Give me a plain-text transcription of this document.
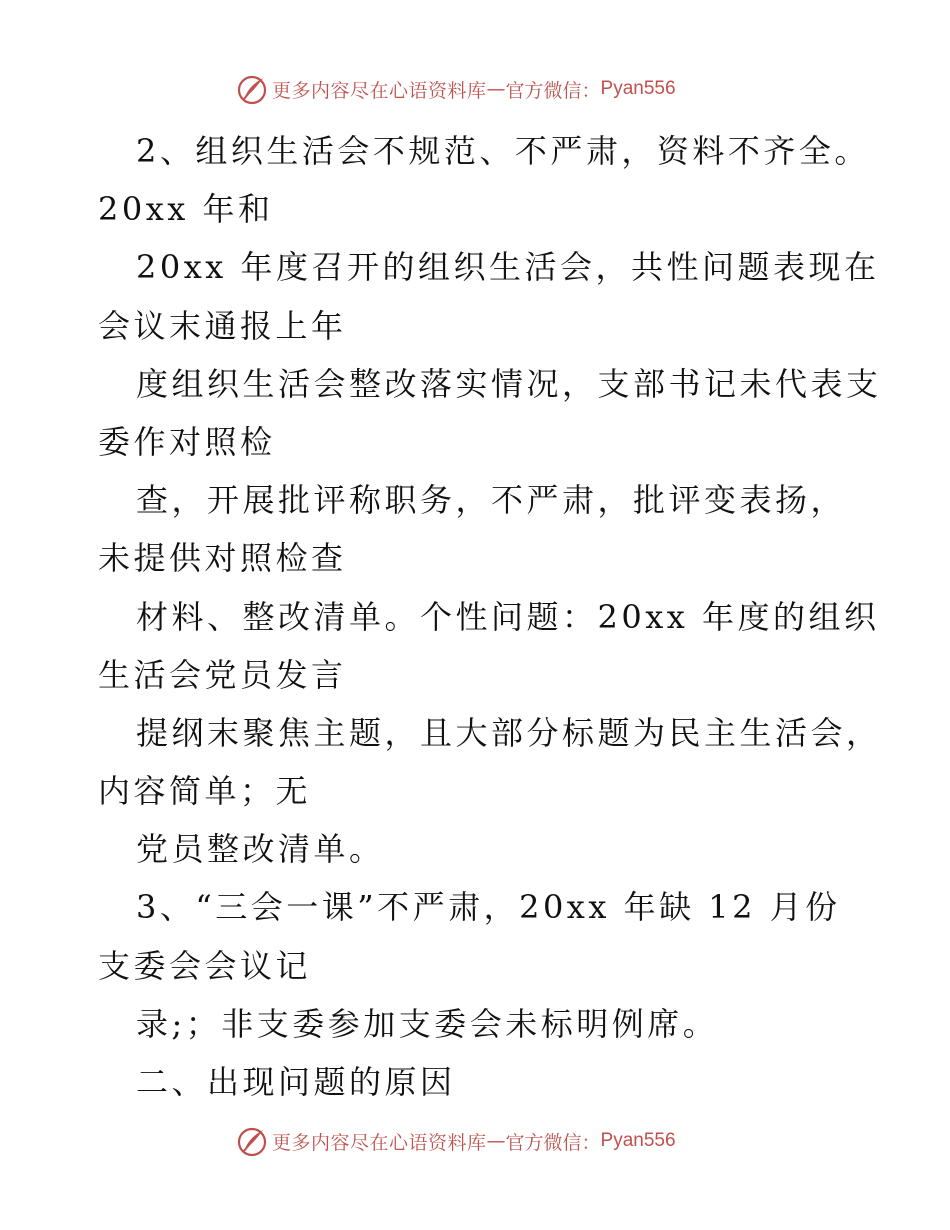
更多内容尽在心语资料库 — 官方微信： Pyan556
2、组织生活会不规范、不严肃，资料不齐全。
20xx 年和
20xx 年度召开的组织生活会，共性问题表现在
会议末通报上年
度组织生活会整改落实情况，支部书记未代表支
委作对照检
查，开展批评称职务，不严肃，批评变表扬，
未提供对照检查
材料、整改清单。个性问题：20xx 年度的组织
生活会党员发言
提纲末聚焦主题，且大部分标题为民主生活会，
内容简单；无
党员整改清单。
3、“三会一课”不严肃，20xx 年缺 12 月份
支委会会议记
录;；非支委参加支委会未标明例席。
二、出现问题的原因
更多内容尽在心语资料库 — 官方微信： Pyan556
